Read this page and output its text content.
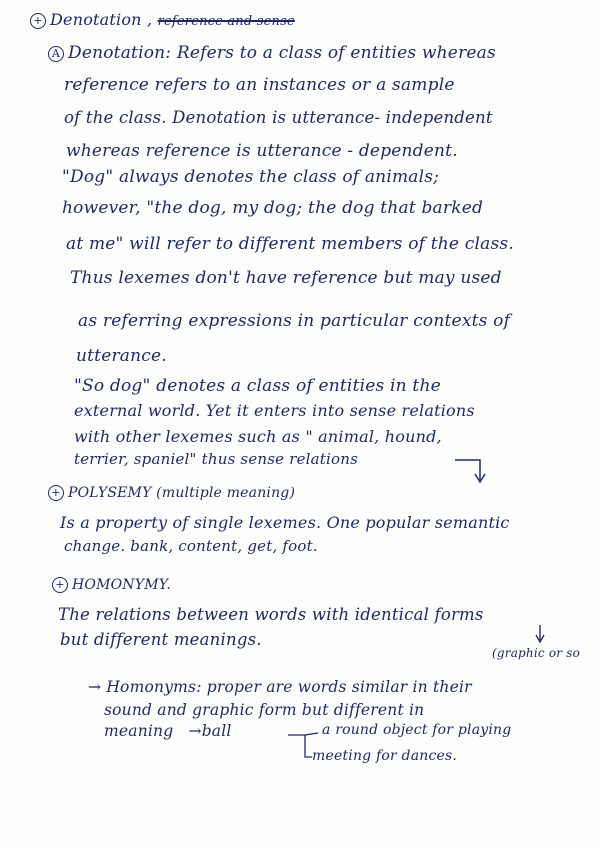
+ Denotation , reference and sense
A Denotation: Refers to a class of entities whereas
reference refers to an instances or a sample
of the class. Denotation is utterance- independent
whereas reference is utterance - dependent.
"Dog" always denotes the class of animals;
however, "the dog, my dog; the dog that barked
at me" will refer to different members of the class.
Thus lexemes don't have reference but may used
as referring expressions in particular contexts of
utterance.
"So dog" denotes a class of entities in the
external world. Yet it enters into sense relations
with other lexemes such as " animal, hound,
terrier, spaniel" thus sense relations
+ POLYSEMY (multiple meaning)
Is a property of single lexemes. One popular semantic
change. bank, content, get, foot.
+ HOMONYMY.
The relations between words with identical forms
but different meanings.
(graphic or so
→ Homonyms: proper are words similar in their
sound and graphic form but different in
meaning →ball	a round object for playing
meeting for dances.
